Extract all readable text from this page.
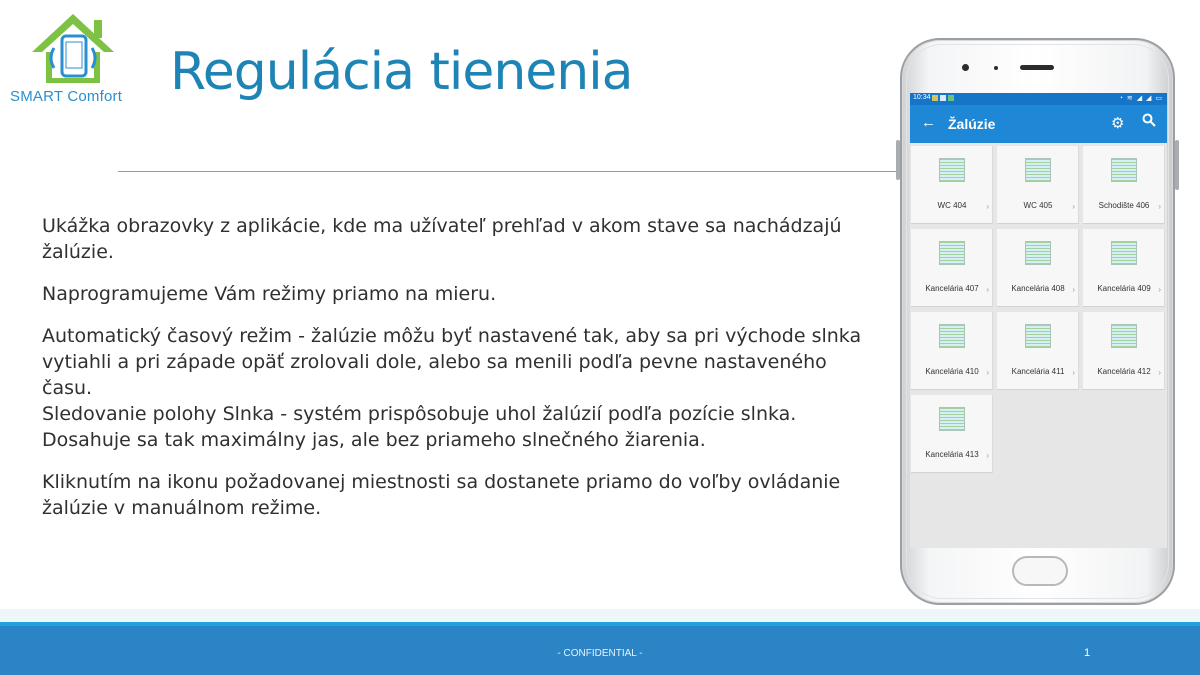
SMART Comfort Regulácia tienenia

Ukážka obrazovky z aplikácie, kde ma užívateľ prehľad v akom stave sa nachádzajú žalúzie.

Naprogramujeme Vám režimy priamo na mieru.

Automatický časový režim - žalúzie môžu byť nastavené tak, aby sa pri východe slnka vytiahli a pri západe opäť zrolovali dole, alebo sa menili podľa pevne nastaveného času.

Sledovanie polohy Slnka - systém prispôsobuje uhol žalúzií podľa pozície slnka. Dosahuje sa tak maximálny jas, ale bez priameho slnečného žiarenia.

Kliknutím na ikonu požadovanej miestnosti sa dostanete priamo do voľby ovládanie žalúzie v manuálnom režime.

10:34	◔ ≋ ◢ ◢ ▭
← Žalúzie	⚙
WC 404	›	WC 405	›	Schodište 406	›
Kancelária 407 ›	Kancelária 408 ›	Kancelária 409 ›
Kancelária 410 ›	Kancelária 411 ›	Kancelária 412 ›
Kancelária 413 ›
- CONFIDENTIAL -	1
